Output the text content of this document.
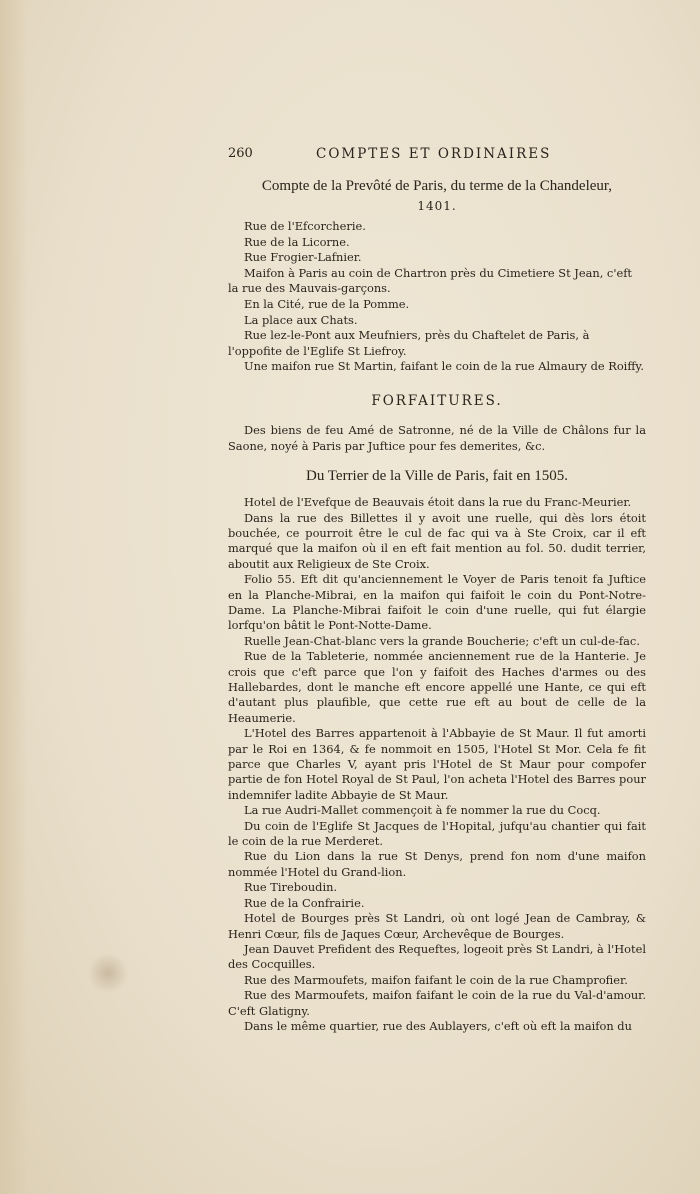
260	COMPTES ET ORDINAIRES
Compte de la Prevôté de Paris, du terme de la Chandeleur,
1401.

Rue de l'Efcorcherie.

Rue de la Licorne.

Rue Frogier-Lafnier.

Maifon à Paris au coin de Chartron près du Cimetiere St Jean, c'eft la rue des Mauvais-garçons.

En la Cité, rue de la Pomme.

La place aux Chats.

Rue lez-le-Pont aux Meufniers, près du Chaftelet de Paris, à l'oppofite de l'Eglife St Liefroy.

Une maifon rue St Martin, faifant le coin de la rue Almaury de Roiffy.

FORFAITURES.

Des biens de feu Amé de Satronne, né de la Ville de Châlons fur la Saone, noyé à Paris par Juftice pour fes demerites, &c.

Du Terrier de la Ville de Paris, fait en 1505.

Hotel de l'Evefque de Beauvais étoit dans la rue du Franc-Meurier.

Dans la rue des Billettes il y avoit une ruelle, qui dès lors étoit bouchée, ce pourroit être le cul de fac qui va à Ste Croix, car il eft marqué que la maifon où il en eft fait mention au fol. 50. dudit terrier, aboutit aux Religieux de Ste Croix.

Folio 55. Eft dit qu'anciennement le Voyer de Paris tenoit fa Juftice en la Planche-Mibrai, en la maifon qui faifoit le coin du Pont-Notre-Dame. La Planche-Mibrai faifoit le coin d'une ruelle, qui fut élargie lorfqu'on bâtit le Pont-Notte-Dame.

Ruelle Jean-Chat-blanc vers la grande Boucherie; c'eft un cul-de-fac.

Rue de la Tableterie, nommée anciennement rue de la Hanterie. Je crois que c'eft parce que l'on y faifoit des Haches d'armes ou des Hallebardes, dont le manche eft encore appellé une Hante, ce qui eft d'autant plus plaufible, que cette rue eft au bout de celle de la Heaumerie.

L'Hotel des Barres appartenoit à l'Abbayie de St Maur. Il fut amorti par le Roi en 1364, & fe nommoit en 1505, l'Hotel St Mor. Cela fe fit parce que Charles V, ayant pris l'Hotel de St Maur pour compofer partie de fon Hotel Royal de St Paul, l'on acheta l'Hotel des Barres pour indemnifer ladite Abbayie de St Maur.

La rue Audri-Mallet commençoit à fe nommer la rue du Cocq.

Du coin de l'Eglife St Jacques de l'Hopital, jufqu'au chantier qui fait le coin de la rue Merderet.

Rue du Lion dans la rue St Denys, prend fon nom d'une maifon nommée l'Hotel du Grand-lion.

Rue Tireboudin.

Rue de la Confrairie.

Hotel de Bourges près St Landri, où ont logé Jean de Cambray, & Henri Cœur, fils de Jaques Cœur, Archevêque de Bourges.

Jean Dauvet Prefident des Requeftes, logeoit près St Landri, à l'Hotel des Cocquilles.

Rue des Marmoufets, maifon faifant le coin de la rue Champrofier.

Rue des Marmoufets, maifon faifant le coin de la rue du Val-d'amour. C'eft Glatigny.

Dans le même quartier, rue des Aublayers, c'eft où eft la maifon du
